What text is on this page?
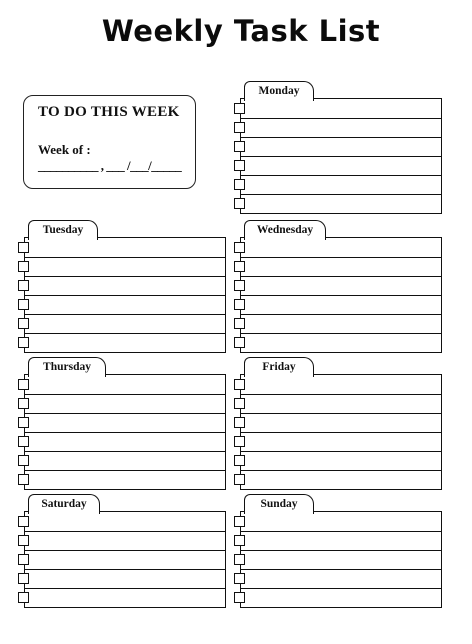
Weekly Task List
TO DO THIS WEEK
Week of :
__________ , ___ /___/_____
Monday
Tuesday	Wednesday
Thursday	Friday
Saturday	Sunday
